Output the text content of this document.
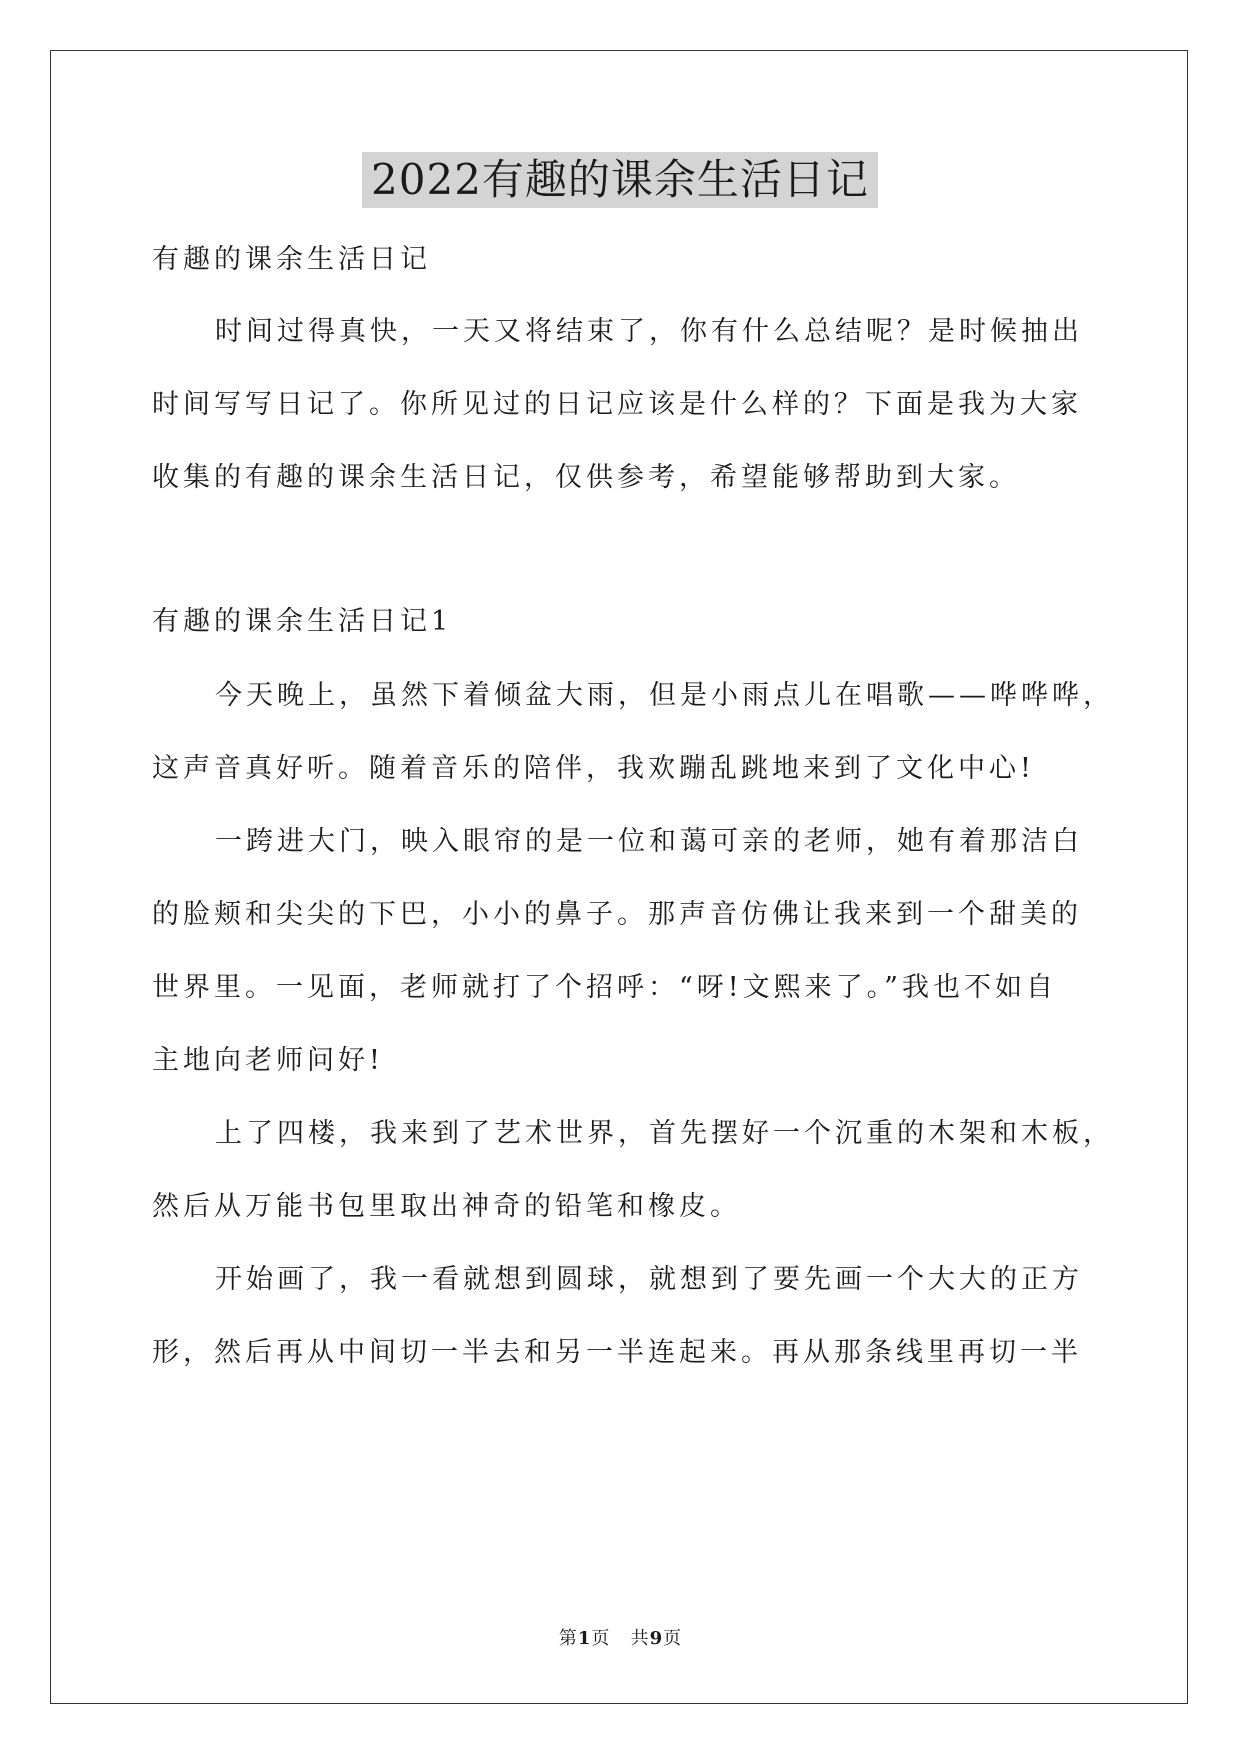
2022有趣的课余生活日记

有趣的课余生活日记

时间过得真快，一天又将结束了，你有什么总结呢？是时候抽出

时间写写日记了。你所见过的日记应该是什么样的？下面是我为大家

收集的有趣的课余生活日记，仅供参考，希望能够帮助到大家。

有趣的课余生活日记1

今天晚上，虽然下着倾盆大雨，但是小雨点儿在唱歌——哗哗哗，

这声音真好听。随着音乐的陪伴，我欢蹦乱跳地来到了文化中心!

一跨进大门，映入眼帘的是一位和蔼可亲的老师，她有着那洁白

的脸颊和尖尖的下巴，小小的鼻子。那声音仿佛让我来到一个甜美的

世界里。一见面，老师就打了个招呼：“呀!文熙来了。”我也不如自

主地向老师问好!

上了四楼，我来到了艺术世界，首先摆好一个沉重的木架和木板，

然后从万能书包里取出神奇的铅笔和橡皮。

开始画了，我一看就想到圆球，就想到了要先画一个大大的正方

形，然后再从中间切一半去和另一半连起来。再从那条线里再切一半

第1页 共9页
